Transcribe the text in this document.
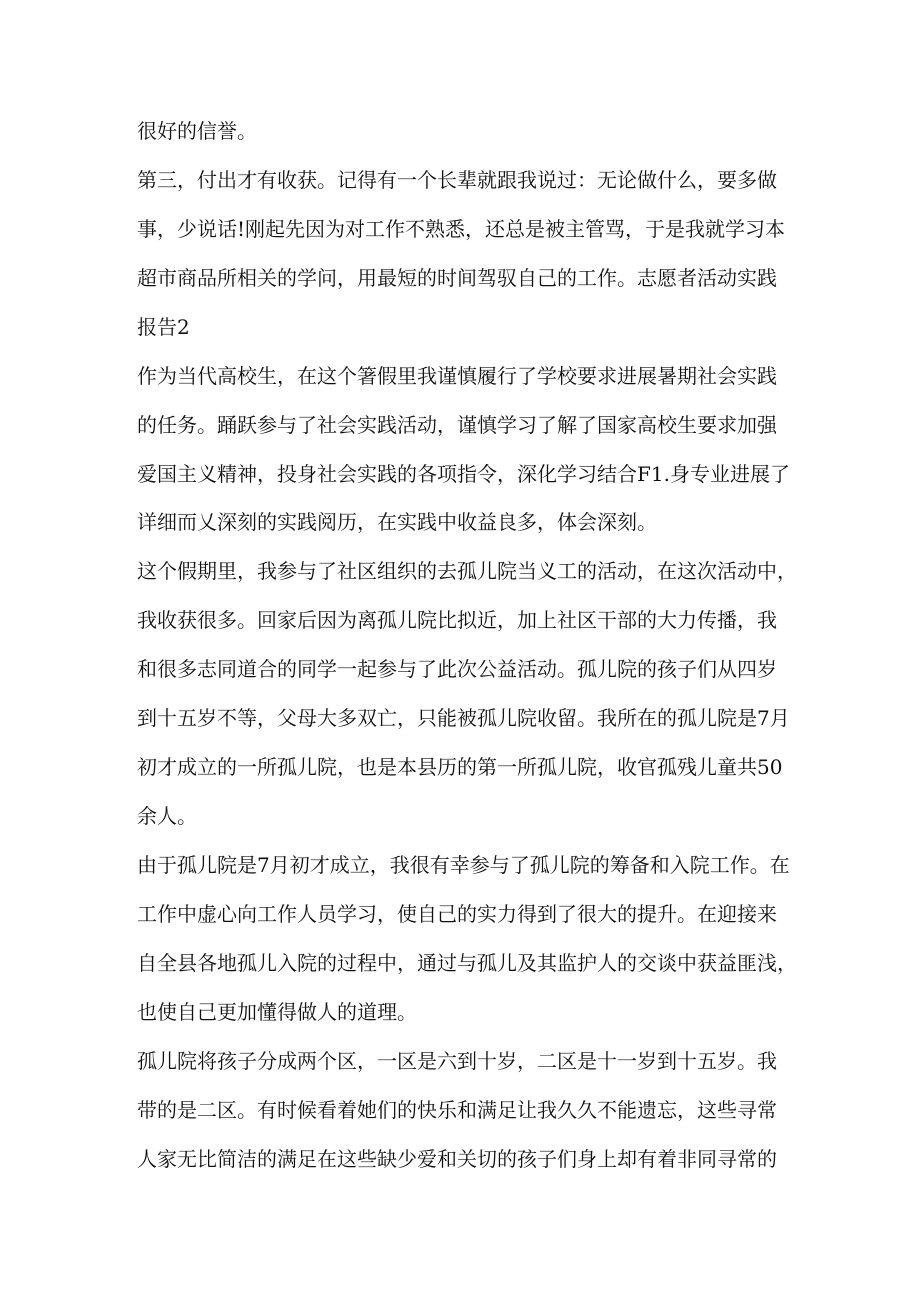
很好的信誉。
第三，付出才有收获。记得有一个长辈就跟我说过：无论做什么，要多做
事，少说话!刚起先因为对工作不熟悉，还总是被主管骂，于是我就学习本
超市商品所相关的学问，用最短的时间驾驭自己的工作。志愿者活动实践
报告2
作为当代高校生，在这个箸假里我谨慎履行了学校要求进展暑期社会实践
的任务。踊跃参与了社会实践活动，谨慎学习了解了国家高校生要求加强
爱国主义精神，投身社会实践的各项指令，深化学习结合F1.身专业进展了
详细而乂深刻的实践阅历，在实践中收益良多，体会深刻。
这个假期里，我参与了社区组织的去孤儿院当义工的活动，在这次活动中，
我收获很多。回家后因为离孤儿院比拟近，加上社区干部的大力传播，我
和很多志同道合的同学一起参与了此次公益活动。孤儿院的孩子们从四岁
到十五岁不等，父母大多双亡，只能被孤儿院收留。我所在的孤儿院是7月
初才成立的一所孤儿院，也是本县历的第一所孤儿院，收官孤残儿童共50
余人。
由于孤儿院是7月初才成立，我很有幸参与了孤儿院的筹备和入院工作。在
工作中虚心向工作人员学习，使自己的实力得到了很大的提升。在迎接来
自全县各地孤儿入院的过程中，通过与孤儿及其监护人的交谈中获益匪浅，
也使自己更加懂得做人的道理。
孤儿院将孩子分成两个区，一区是六到十岁，二区是十一岁到十五岁。我
带的是二区。有时候看着她们的快乐和满足让我久久不能遗忘，这些寻常
人家无比简洁的满足在这些缺少爱和关切的孩子们身上却有着非同寻常的
